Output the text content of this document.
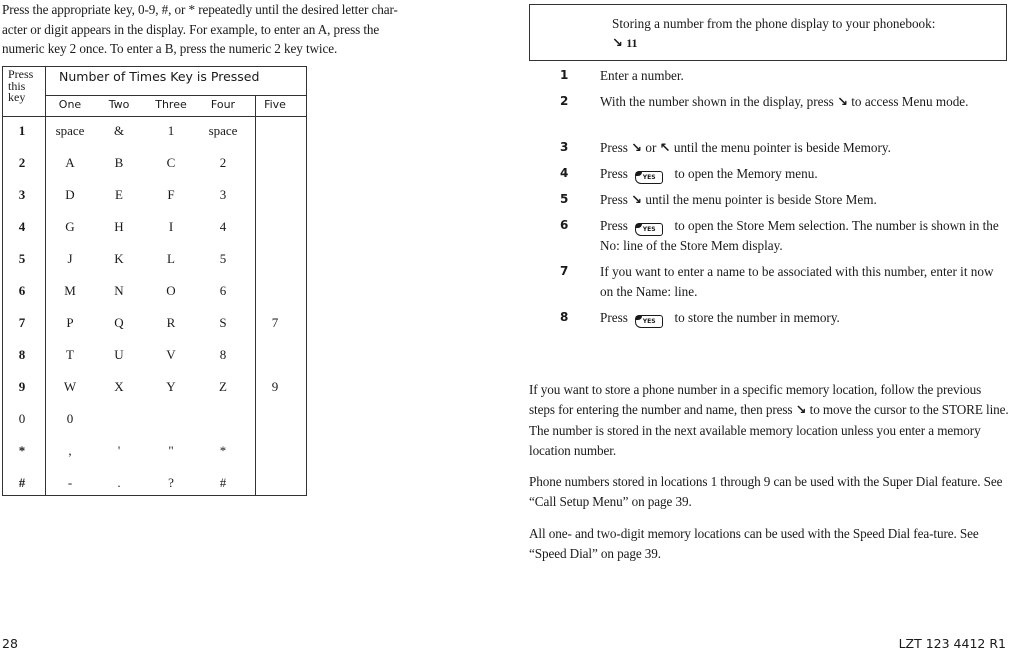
Press the appropriate key, 0-9, #, or * repeatedly until the desired letter char-
acter or digit appears in the display. For example, to enter an A, press the
numeric key 2 once. To enter a B, press the numeric 2 key twice.
Press
this
key
Number of Times Key is Pressed
One	Two	Three	Four	Five
1	space	&	1	space
2	A	B	C	2
3	D	E	F	3
4	G	H	I	4
5	J	K	L	5
6	M	N	O	6
7	P	Q	R	S	7
8	T	U	V	8
9	W	X	Y	Z	9
0	0
*	,	'	"	*
#	-	.	?	#
Storing a number from the phone display to your phonebook:
↘ 11
1	Enter a number.
2	With the number shown in the display, press ↘ to access Menu mode.
3	Press ↘ or ↖ until the menu pointer is beside Memory.
4	Press YES to open the Memory menu.
5	Press ↘ until the menu pointer is beside Store Mem.
6	Press YES to open the Store Mem selection. The number is shown in the No: line of the Store Mem display.
7	If you want to enter a name to be associated with this number, enter it now on the Name: line.
8	Press YES to store the number in memory.
If you want to store a phone number in a specific memory location, follow the previous steps for entering the number and name, then press ↘ to move the cursor to the STORE line. The number is stored in the next available memory location unless you enter a memory location number.
Phone numbers stored in locations 1 through 9 can be used with the Super Dial feature. See “Call Setup Menu” on page 39.
All one- and two-digit memory locations can be used with the Speed Dial fea-ture. See “Speed Dial” on page 39.
28	LZT 123 4412 R1
